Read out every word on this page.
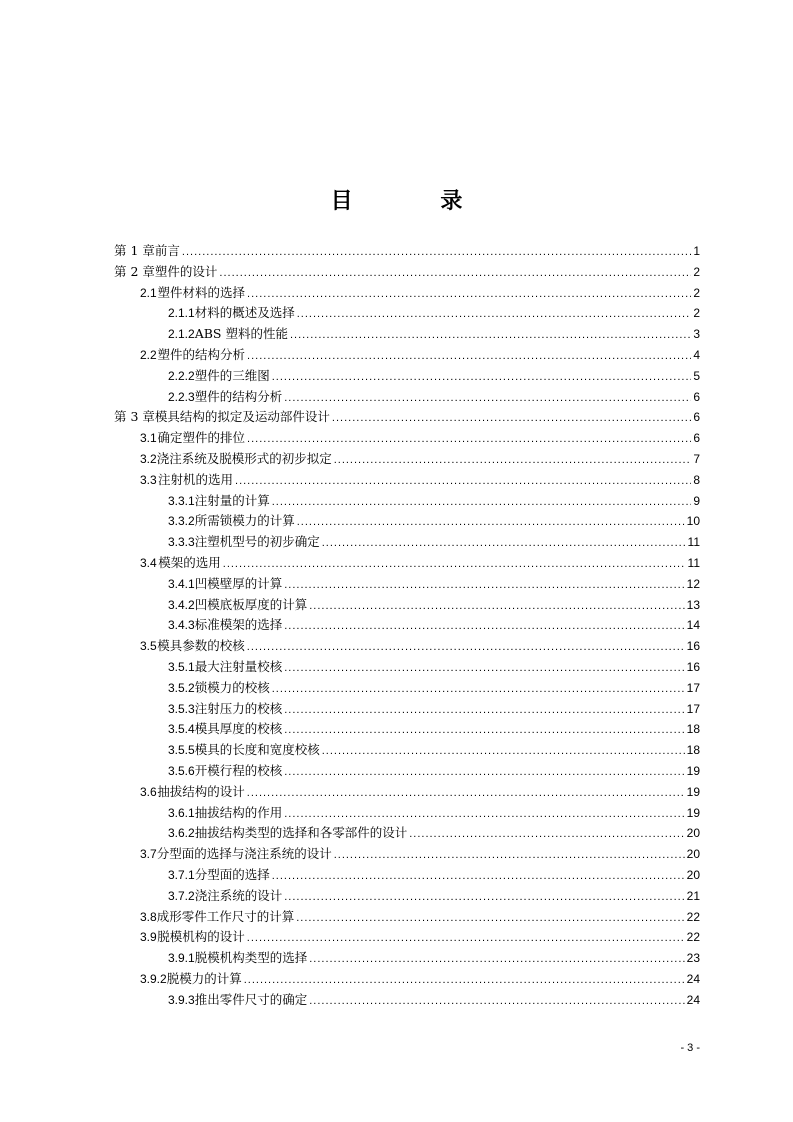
目 录
第 1 章 前言 .....	1
第 2 章 塑件的设计 .....	2
2.1 塑件材料的选择 .....	2
2.1.1 材料的概述及选择 .....	2
2.1.2 ABS 塑料的性能 .....	3
2.2 塑件的结构分析 .....	4
2.2.2 塑件的三维图 .....	5
2.2.3 塑件的结构分析 .....	6
第 3 章 模具结构的拟定及运动部件设计 .....	6
3.1 确定塑件的排位 .....	6
3.2 浇注系统及脱模形式的初步拟定 .....	7
3.3 注射机的选用 .....	8
3.3.1 注射量的计算 .....	9
3.3.2 所需锁模力的计算 .....	10
3.3.3 注塑机型号的初步确定 .....	11
3.4 模架的选用 .....	11
3.4.1 凹模壁厚的计算 .....	12
3.4.2 凹模底板厚度的计算 .....	13
3.4.3 标准模架的选择 .....	14
3.5 模具参数的校核 .....	16
3.5.1 最大注射量校核 .....	16
3.5.2 锁模力的校核 .....	17
3.5.3 注射压力的校核 .....	17
3.5.4 模具厚度的校核 .....	18
3.5.5 模具的长度和宽度校核 .....	18
3.5.6 开模行程的校核 .....	19
3.6 抽拔结构的设计 .....	19
3.6.1 抽拔结构的作用 .....	19
3.6.2 抽拔结构类型的选择和各零部件的设计 .....	20
3.7 分型面的选择与浇注系统的设计 .....	20
3.7.1 分型面的选择 .....	20
3.7.2 浇注系统的设计 .....	21
3.8 成形零件工作尺寸的计算 .....	22
3.9 脱模机构的设计 .....	22
3.9.1 脱模机构类型的选择 .....	23
3.9.2 脱模力的计算 .....	24
3.9.3 推出零件尺寸的确定 .....	24
- 3 -
